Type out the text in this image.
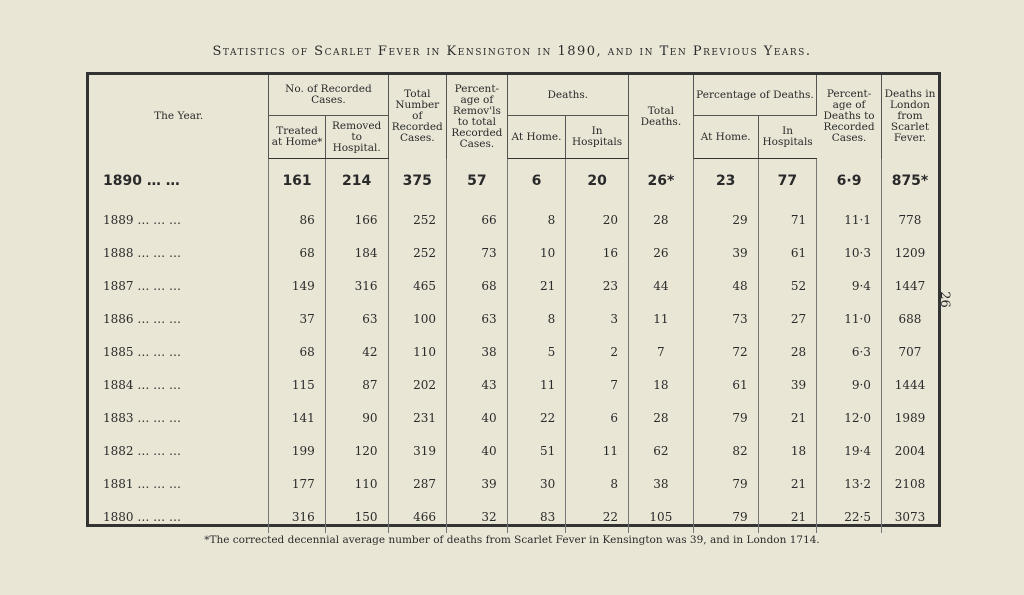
Statistics of Scarlet Fever in Kensington in 1890, and in Ten Previous Years.
26
The Year.	No. of Recorded Cases.		Total Number of Recorded Cases.	Percent-age of Remov'ls to total Recorded Cases.	Deaths.		Total Deaths.	Percentage of Deaths.		Percent-age of Deaths to Recorded Cases.	Deaths in London from Scarlet Fever.
	Treated at Home*	Removed to Hospital.			At Home.	In Hospitals		At Home.	In Hospitals		
1890 … …	161	214	375	57	6	20	26*	23	77	6·9	875*
1889 … … …	86	166	252	66	8	20	28	29	71	11·1	778
1888 … … …	68	184	252	73	10	16	26	39	61	10·3	1209
1887 … … …	149	316	465	68	21	23	44	48	52	9·4	1447
1886 … … …	37	63	100	63	8	3	11	73	27	11·0	688
1885 … … …	68	42	110	38	5	2	7	72	28	6·3	707
1884 … … …	115	87	202	43	11	7	18	61	39	9·0	1444
1883 … … …	141	90	231	40	22	6	28	79	21	12·0	1989
1882 … … …	199	120	319	40	51	11	62	82	18	19·4	2004
1881 … … …	177	110	287	39	30	8	38	79	21	13·2	2108
1880 … … …	316	150	466	32	83	22	105	79	21	22·5	3073
*The corrected decennial average number of deaths from Scarlet Fever in Kensington was 39, and in London 1714.
